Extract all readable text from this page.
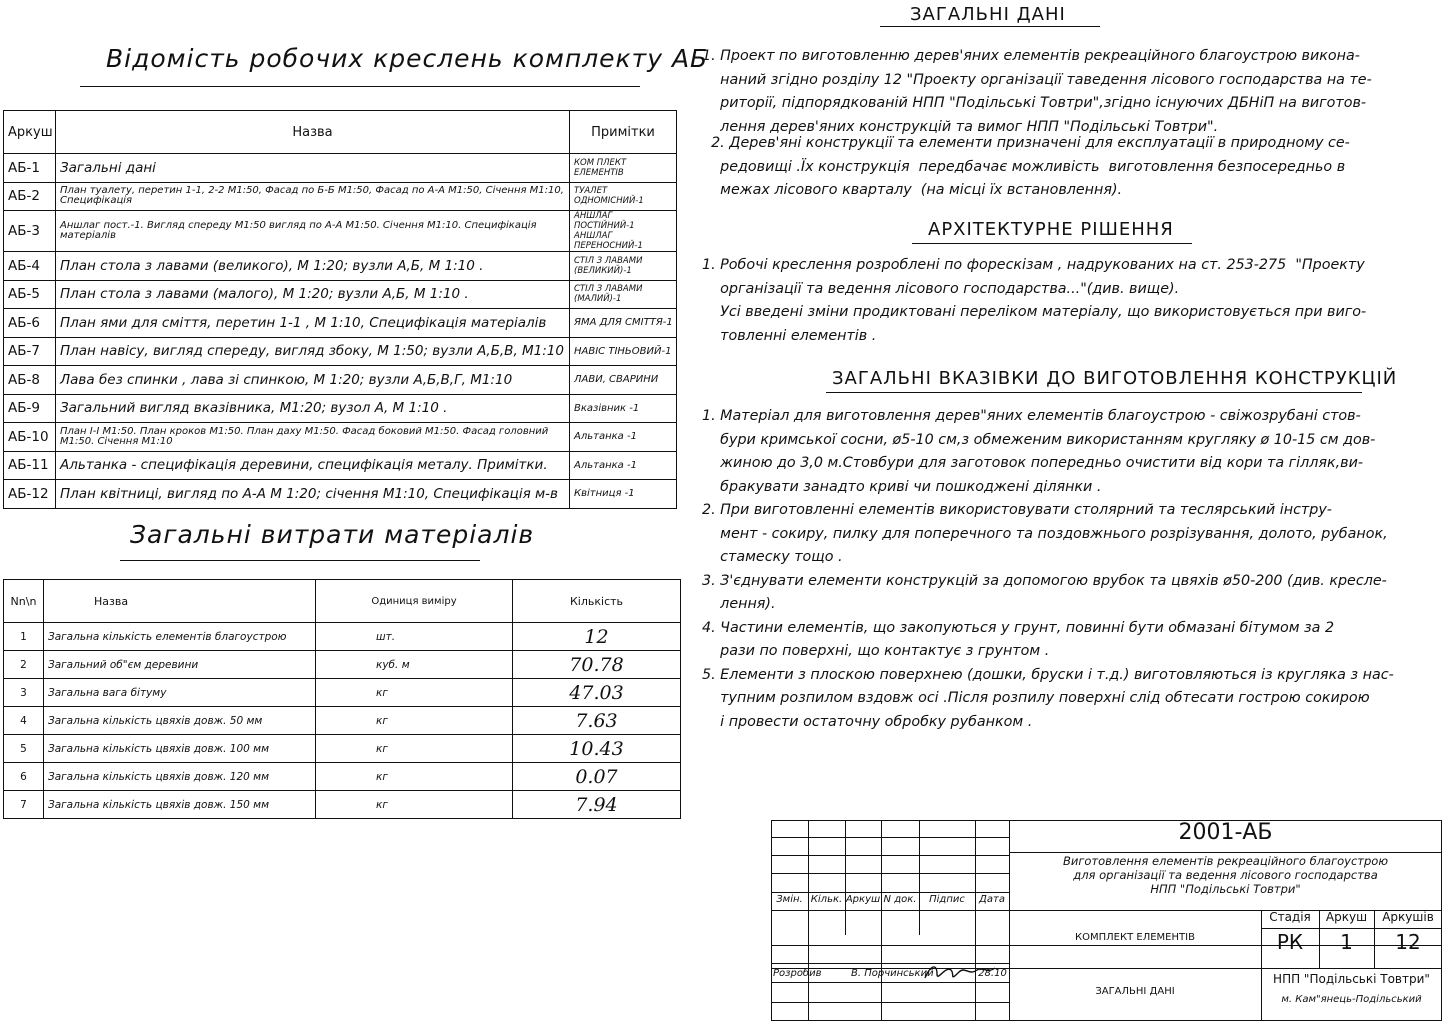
Відомість робочих креслень комплекту АБ
Аркуш	Назва	Примітки
АБ-1	Загальні дані	КОМ ПЛЕКТ ЕЛЕМЕНТІВ
АБ-2	План туалету, перетин 1-1, 2-2 М1:50, Фасад по Б-Б М1:50, Фасад по А-А М1:50, Січення М1:10, Специфікація	ТУАЛЕТ ОДНОМІСНИЙ-1
АБ-3	Аншлаг пост.-1. Вигляд спереду М1:50 вигляд по А-А М1:50. Січення М1:10. Специфікація матеріалів	АНШЛАГ ПОСТІЙНИЙ-1 АНШЛАГ ПЕРЕНОСНИЙ-1
АБ-4	План стола з лавами (великого), М 1:20; вузли А,Б, М 1:10 .	СТІЛ З ЛАВАМИ (ВЕЛИКИЙ)-1
АБ-5	План стола з лавами (малого), М 1:20; вузли А,Б, М 1:10 .	СТІЛ З ЛАВАМИ (МАЛИЙ)-1
АБ-6	План ями для сміття, перетин 1-1 , М 1:10, Специфікація матеріалів	ЯМА ДЛЯ СМІТТЯ-1
АБ-7	План навісу, вигляд спереду, вигляд збоку, М 1:50; вузли А,Б,В, М1:10	НАВІС ТІНЬОВИЙ-1
АБ-8	Лава без спинки , лава зі спинкою, М 1:20; вузли А,Б,В,Г, М1:10	ЛАВИ, СВАРИНИ
АБ-9	Загальний вигляд вказівника, М1:20; вузол А, М 1:10 .	Вказівник -1
АБ-10	План І-І М1:50. План кроков М1:50. План даху М1:50. Фасад боковий М1:50. Фасад головний М1:50. Січення М1:10	Альтанка -1
АБ-11	Альтанка - специфікація деревини, специфікація металу. Примітки.	Альтанка -1
АБ-12	План квітниці, вигляд по А-А М 1:20; січення М1:10, Специфікація м-в	Квітниця -1
Загальні витрати матеріалів
Nn\n	Назва	Одиниця виміру	Кількість
1	Загальна кількість елементів благоустрою	шт.	12
2	Загальний об"єм деревини	куб. м	70.78
3	Загальна вага бітуму	кг	47.03
4	Загальна кількість цвяхів довж. 50 мм	кг	7.63
5	Загальна кількість цвяхів довж. 100 мм	кг	10.43
6	Загальна кількість цвяхів довж. 120 мм	кг	0.07
7	Загальна кількість цвяхів довж. 150 мм	кг	7.94
ЗАГАЛЬНІ ДАНІ
1. Проект по виготовленню дерев'яних елементів рекреаційного благоустрою викона-
наний згідно розділу 12 "Проекту організації тaведення лісового господарства на те-
риторії, підпорядкованій НПП "Подільські Товтри",згідно існуючих ДБНіП на виготов-
лення дерев'яних конструкцій та вимог НПП "Подільські Товтри".
2. Дерев'яні конструкції та елементи призначені для експлуатації в природному се-
редовищі .Їх конструкція  передбачає можливість  виготовлення безпосередньо в
межах лісового кварталу  (на місці їх встановлення).
АРХІТЕКТУРНЕ РІШЕННЯ
1. Робочі креслення розроблені по форескізам , надрукованих на ст. 253-275  "Проекту
організації та ведення лісового господарства..."(див. вище).
Усі введені зміни продиктовані переліком матеріалу, що використовується при виго-
товленні елементів .
ЗАГАЛЬНІ ВКАЗІВКИ ДО ВИГОТОВЛЕННЯ КОНСТРУКЦІЙ
1. Матеріал для виготовлення дерев"яних елементів благоустрою - свіжозрубані стов-
бури кримської сосни, ø5-10 см,з обмеженим використанням кругляку ø 10-15 см дов-
жиною до 3,0 м.Стовбури для заготовок попередньо очистити від кори та гілляк,ви-
бракувати занадто криві чи пошкоджені ділянки .
2. При виготовленні елементів використовувати столярний та теслярський інстру-
мент - сокиру, пилку для поперечного та поздовжнього розрізування, долото, рубанок,
стамеску тощо .
3. З'єднувати елементи конструкцій за допомогою врубок та цвяхів ø50-200 (див. кресле-
лення).
4. Частини елементів, що закопуються у грунт, повинні бути обмазані бітумом за 2
рази по поверхні, що контактує з грунтом .
5. Елементи з плоскою поверхнею (дошки, бруски і т.д.) виготовляються із кругляка з нас-
тупним розпилом вздовж осі .Після розпилу поверхні слід обтесати гострою сокирою
і провести остаточну обробку рубанком .
2001-АБ
Виготовлення елементів рекреаційного благоустрою
для організації та ведення лісового господарства
НПП "Подільські Товтри"
Змін. Кільк. Аркуш N док.	Підпис	Дата
Розробив	В. Порчинський	28.10
КОМПЛЕКТ ЕЛЕМЕНТІВ
ЗАГАЛЬНІ ДАНІ
Стадія	Аркуш	Аркушів
РК	1	12
НПП "Подільські Товтри"
м. Кам"янець-Подільський
